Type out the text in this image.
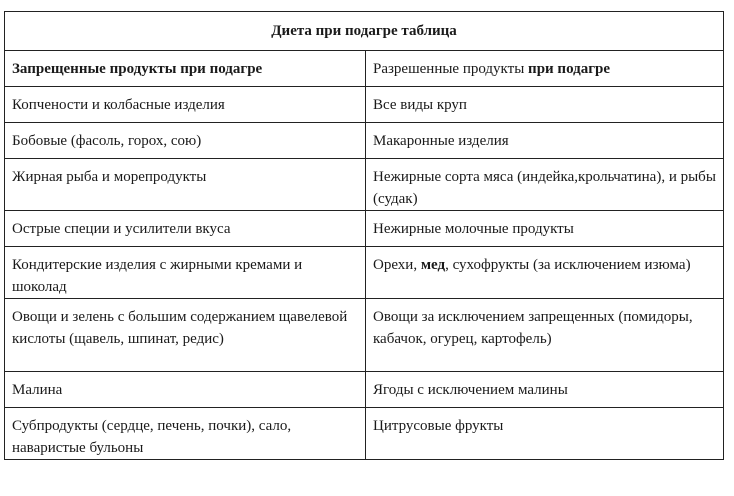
Диета при подагре таблица	
Запрещенные продукты при подагре	Разрешенные продукты при подагре
Копчености и колбасные изделия	Все виды круп
Бобовые (фасоль, горох, сою)	Макаронные изделия
Жирная рыба и морепродукты	Нежирные сорта мяса (индейка,крольчатина), и рыбы (судак)
Острые специи и усилители вкуса	Нежирные молочные продукты
Кондитерские изделия с жирными кремами и шоколад	Орехи, мед, сухофрукты (за исключением изюма)
Овощи и зелень с большим содержанием щавелевой кислоты (щавель, шпинат, редис)	Овощи за исключением запрещенных (помидоры, кабачок, огурец, картофель)
Малина	Ягоды с исключением малины
Субпродукты (сердце, печень, почки), сало, наваристые бульоны	Цитрусовые фрукты
